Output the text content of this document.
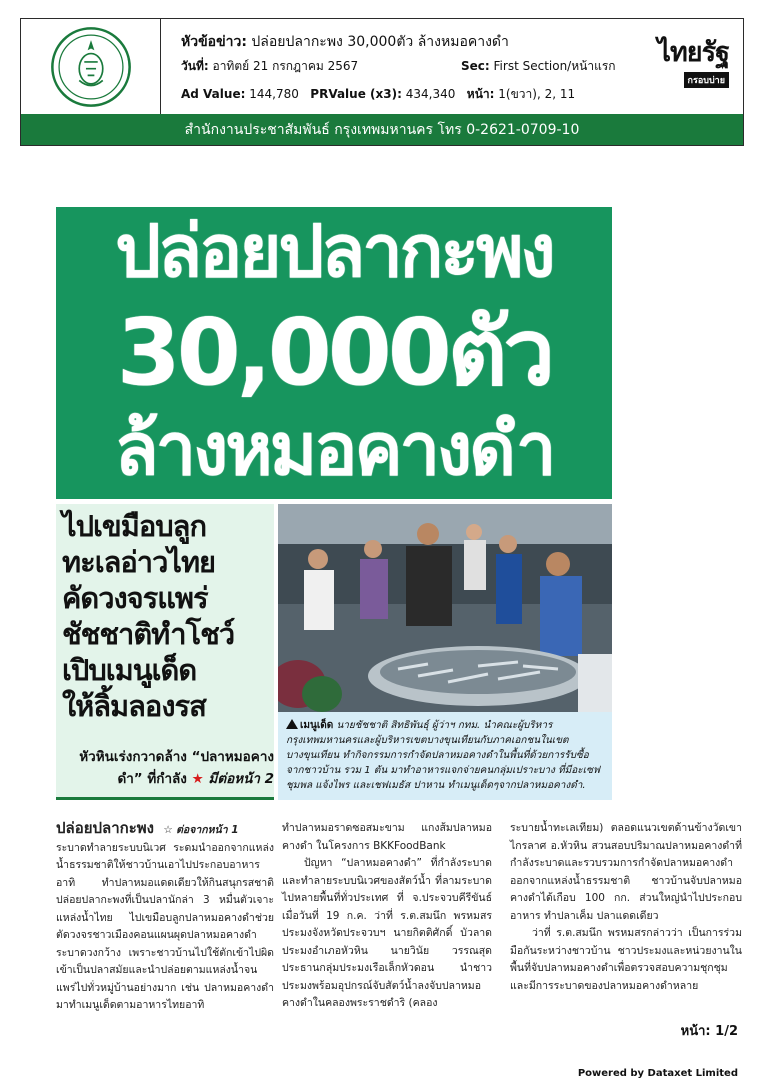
หัวข้อข่าว: ปล่อยปลากะพง 30,000ตัว ล้างหมอคางดำ
วันที่: อาทิตย์ 21 กรกฎาคม 2567	Sec: First Section/หน้าแรก
Ad Value: 144,780 PRValue (x3): 434,340 หน้า: 1(ขวา), 2, 11
ไทยรัฐ
กรอบบ่าย
สำนักงานประชาสัมพันธ์ กรุงเทพมหานคร โทร 0-2621-0709-10
ปล่อยปลากะพง
30,000ตัว
ล้างหมอคางดำ
ไปเขมือบลูก
ทะเลอ่าวไทย
คัดวงจรแพร่
ชัชชาติทำโชว์
เปิบเมนูเด็ด
ให้ลิ้มลองรส
หัวหินเร่งกวาดล้าง “ปลาหมอคางดำ” ที่กำลัง ★ มีต่อหน้า 2
เมนูเด็ด นายชัชชาติ สิทธิพันธุ์ ผู้ว่าฯ กทม. นำคณะผู้บริหารกรุงเทพมหานครและผู้บริหารเขตบางขุนเทียนกับภาคเอกชนในเขตบางขุนเทียน ทำกิจกรรมการกำจัดปลาหมอคางดำในพื้นที่ด้วยการรับซื้อจากชาวบ้าน รวม 1 ตัน มาทำอาหารแจกจ่ายคนกลุ่มเปราะบาง ที่มีอะเซฟชุมพล แจ้งไพร และเชฟเมธัส ปาหาน ทำเมนูเด็ดๆจากปลาหมอคางดำ.

ปล่อยปลากะพง ☆ ต่อจากหน้า 1

ระบาดทำลายระบบนิเวศ ระดมนำออกจากแหล่งน้ำธรรมชาติให้ชาวบ้านเอาไปประกอบอาหาร อาทิ ทำปลาหมอแดดเดียวให้กินสนุกรสชาติปล่อยปลากะพงที่เป็นปลานักล่า 3 หมื่นตัวเจาะแหล่งน้ำไทย ไปเขมือบลูกปลาหมอคางดำช่วยตัดวงจรชาวเมืองคอนแผนผุดปลาหมอคางดำระบาดวงกว้าง เพราะชาวบ้านไปใช้ตักเข้าไปผิดเข้าเป็นปลาสมัยและนำปล่อยตามแหล่งน้ำจนแพร่ไปทั่วหมู่บ้านอย่างมาก เช่น ปลาหมอคางดำมาทำเมนูเด็ดตามอาหารไทยอาทิ

ทำปลาหมอราดซอสมะขาม แกงส้มปลาหมอคางดำ ในโครงการ BKKFoodBank

ปัญหา “ปลาหมอคางดำ” ที่กำลังระบาด และทำลายระบบนิเวศของสัตว์น้ำ ที่ลามระบาดไปหลายพื้นที่ทั่วประเทศ ที่ จ.ประจวบคีรีขันธ์ เมื่อวันที่ 19 ก.ค. ว่าที่ ร.ต.สมนึก พรหมสร ประมงจังหวัดประจวบฯ นายกิตติศักดิ์ บัวลาด ประมงอำเภอหัวหิน นายวินัย วรรณสุด ประธานกลุ่มประมงเรือเล็กหัวดอน นำชาวประมงพร้อมอุปกรณ์จับสัตว์น้ำลงจับปลาหมอคางดำในคลองพระราชดำริ (คลอง

ระบายน้ำทะเลเทียม) ตลอดแนวเขตด้านข้างวัดเขาไกรลาศ อ.หัวหิน สวนสอบปริมาณปลาหมอคางดำที่กำลังระบาดและรวบรวมการกำจัดปลาหมอคางดำออกจากแหล่งน้ำธรรมชาติ ชาวบ้านจับปลาหมอคางดำได้เกือบ 100 กก. ส่วนใหญ่นำไปประกอบอาหาร ทำปลาเค็ม ปลาแดดเดียว

ว่าที่ ร.ต.สมนึก พรหมสรกล่าวว่า เป็นการร่วมมือกันระหว่างชาวบ้าน ชาวประมงและหน่วยงานในพื้นที่จับปลาหมอคางดำเพื่อตรวจสอบความชุกชุมและมีการระบาดของปลาหมอคางดำหลาย

หน้า: 1/2
Powered by Dataxet Limited
